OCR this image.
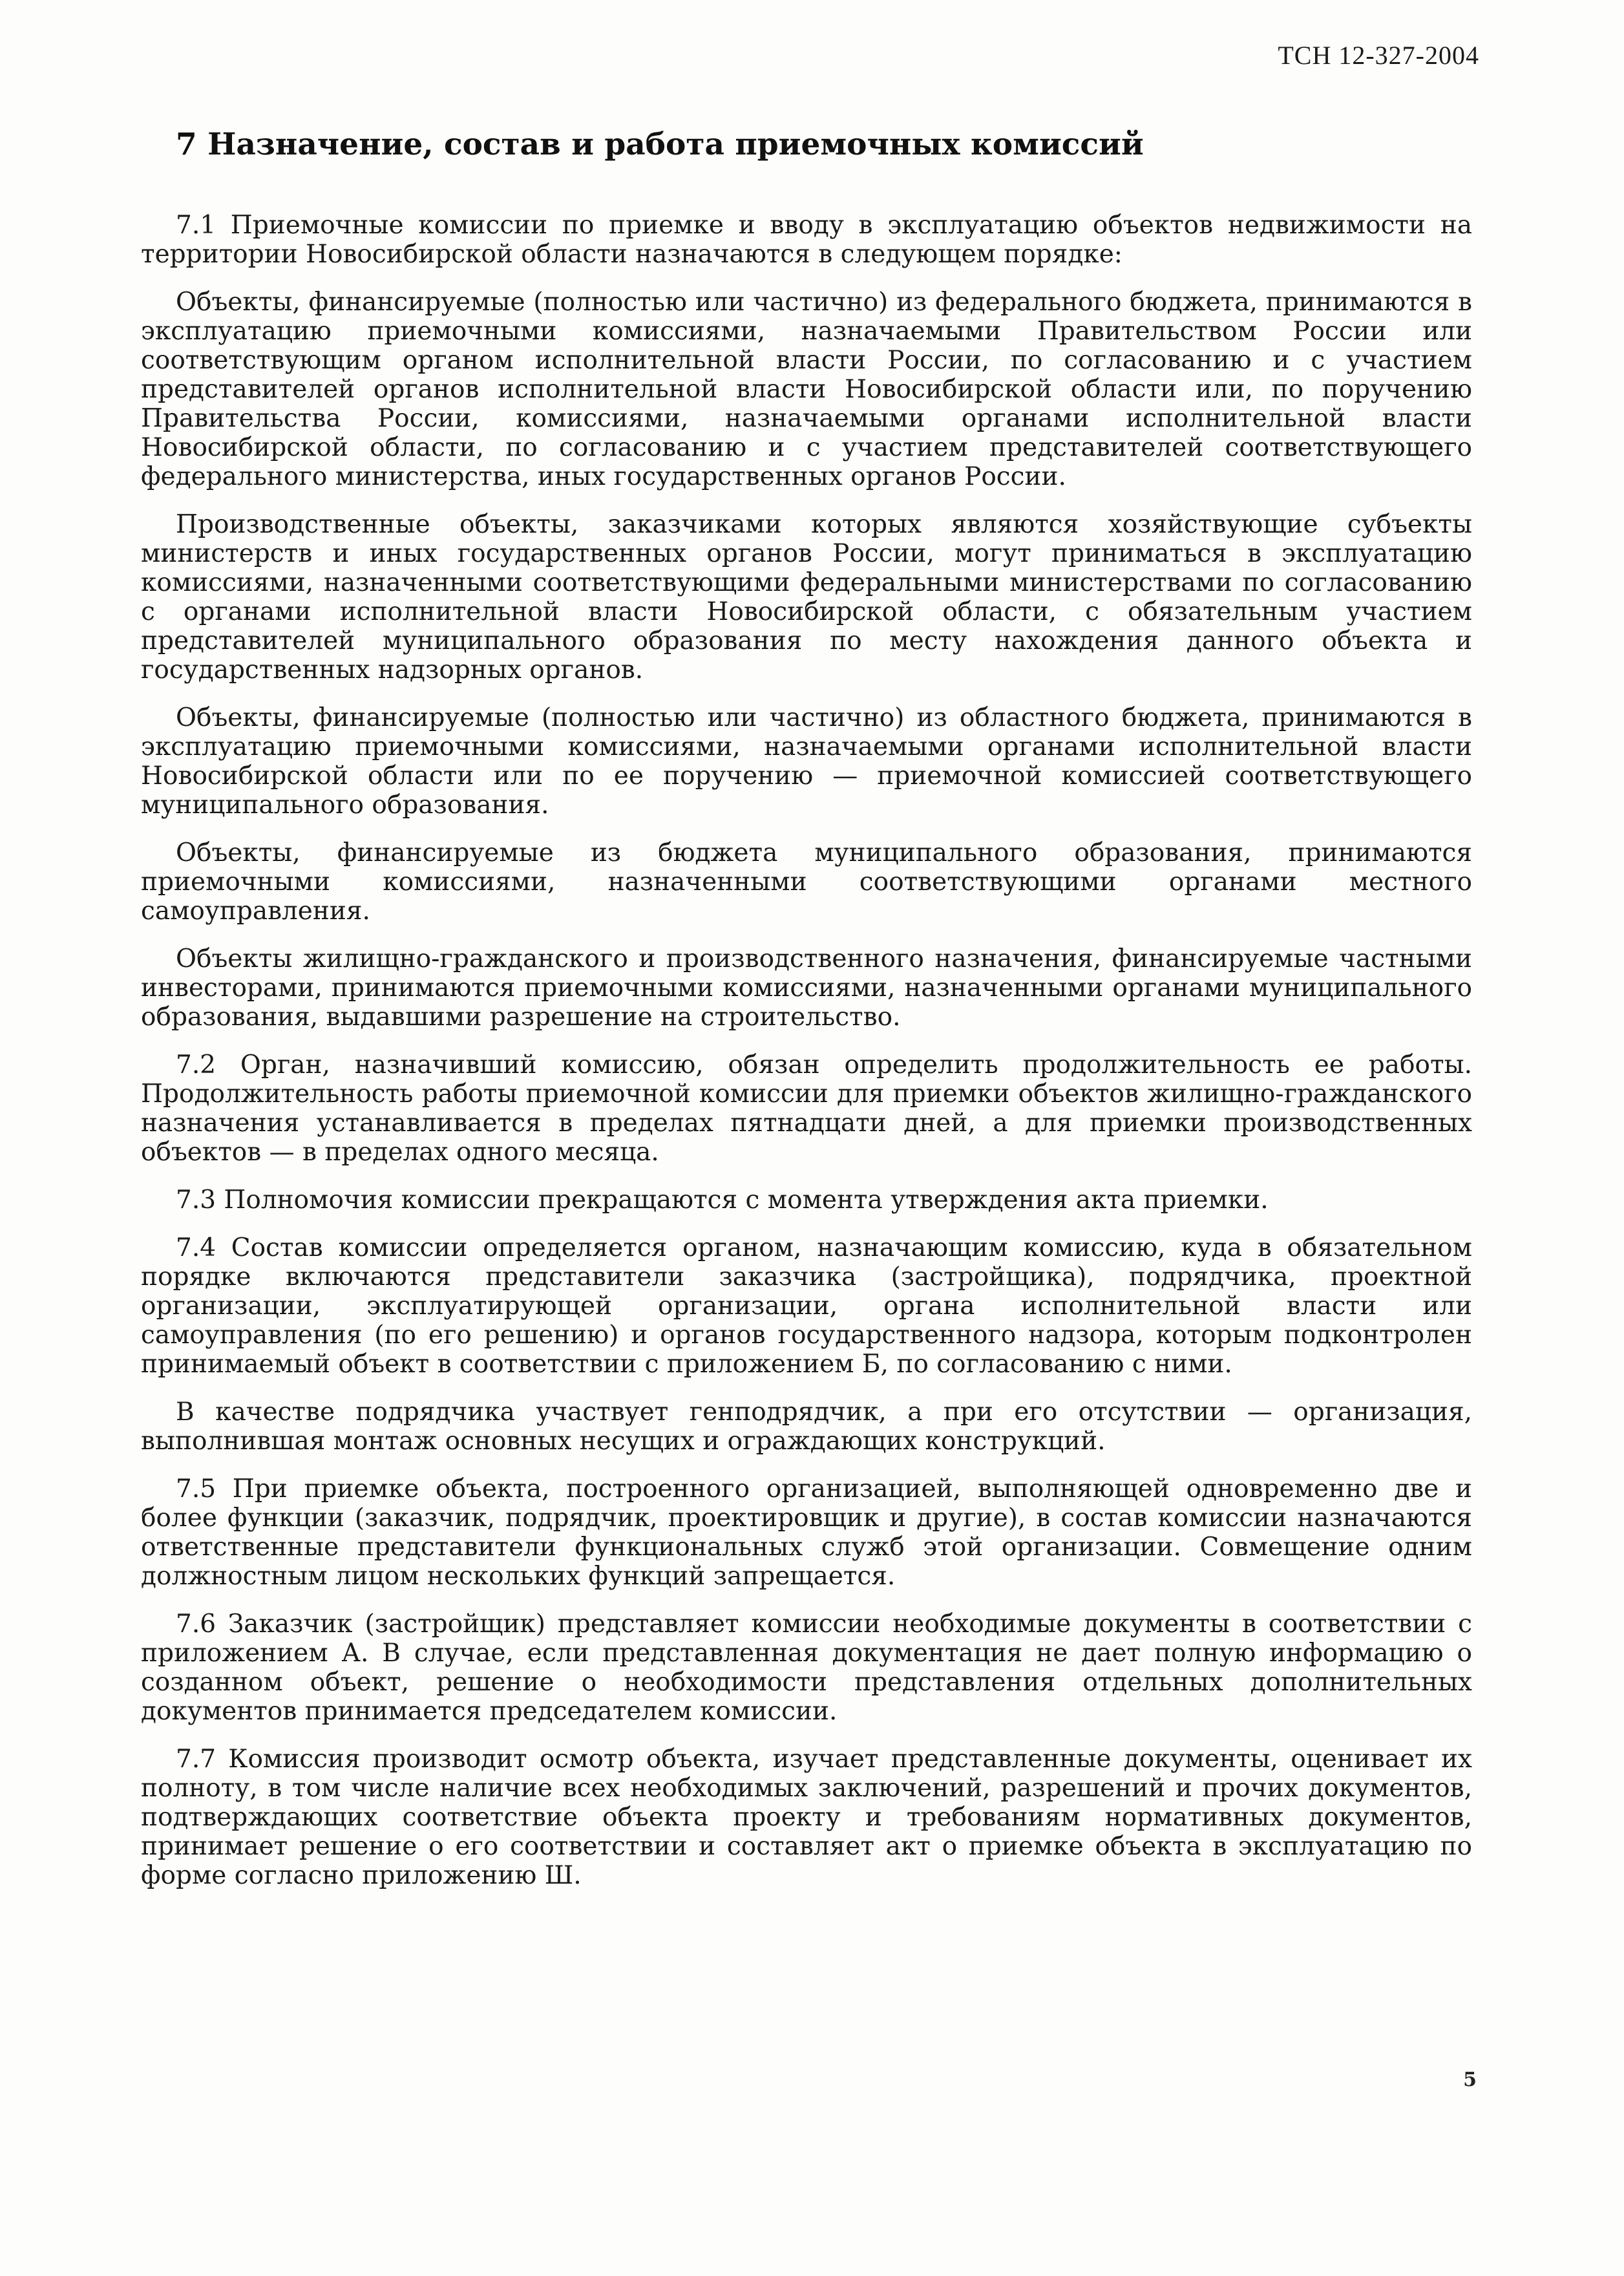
ТСН 12-327-2004
7 Назначение, состав и работа приемочных комиссий

7.1 Приемочные комиссии по приемке и вводу в эксплуатацию объектов недвижимости на территории Новосибирской области назначаются в следующем порядке:

Объекты, финансируемые (полностью или частично) из федерального бюджета, принимаются в эксплуатацию приемочными комиссиями, назначаемыми Правительством России или соответствующим органом исполнительной власти России, по согласованию и с участием представителей органов исполнительной власти Новосибирской области или, по поручению Правительства России, комиссиями, назначаемыми органами исполнительной власти Новосибирской области, по согласованию и с участием представителей соответствующего федерального министерства, иных государственных органов России.

Производственные объекты, заказчиками которых являются хозяйствующие субъекты министерств и иных государственных органов России, могут приниматься в эксплуатацию комиссиями, назначенными соответствующими федеральными министерствами по согласованию с органами исполнительной власти Новосибирской области, с обязательным участием представителей муниципального образования по месту нахождения данного объекта и государственных надзорных органов.

Объекты, финансируемые (полностью или частично) из областного бюджета, принимаются в эксплуатацию приемочными комиссиями, назначаемыми органами исполнительной власти Новосибирской области или по ее поручению — приемочной комиссией соответствующего муниципального образования.

Объекты, финансируемые из бюджета муниципального образования, принимаются приемочными комиссиями, назначенными соответствующими органами местного самоуправления.

Объекты жилищно-гражданского и производственного назначения, финансируемые частными инвесторами, принимаются приемочными комиссиями, назначенными органами муниципального образования, выдавшими разрешение на строительство.

7.2 Орган, назначивший комиссию, обязан определить продолжительность ее работы. Продолжительность работы приемочной комиссии для приемки объектов жилищно-гражданского назначения устанавливается в пределах пятнадцати дней, а для приемки производственных объектов — в пределах одного месяца.

7.3 Полномочия комиссии прекращаются с момента утверждения акта приемки.

7.4 Состав комиссии определяется органом, назначающим комиссию, куда в обязательном порядке включаются представители заказчика (застройщика), подрядчика, проектной организации, эксплуатирующей организации, органа исполнительной власти или самоуправления (по его решению) и органов государственного надзора, которым подконтролен принимаемый объект в соответствии с приложением Б, по согласованию с ними.

В качестве подрядчика участвует генподрядчик, а при его отсутствии — организация, выполнившая монтаж основных несущих и ограждающих конструкций.

7.5 При приемке объекта, построенного организацией, выполняющей одновременно две и более функции (заказчик, подрядчик, проектировщик и другие), в состав комиссии назначаются ответственные представители функциональных служб этой организации. Совмещение одним должностным лицом нескольких функций запрещается.

7.6 Заказчик (застройщик) представляет комиссии необходимые документы в соответствии с приложением А. В случае, если представленная документация не дает полную информацию о созданном объект, решение о необходимости представления отдельных дополнительных документов принимается председателем комиссии.

7.7 Комиссия производит осмотр объекта, изучает представленные документы, оценивает их полноту, в том числе наличие всех необходимых заключений, разрешений и прочих документов, подтверждающих соответствие объекта проекту и требованиям нормативных документов, принимает решение о его соответствии и составляет акт о приемке объекта в эксплуатацию по форме согласно приложению Ш.

5
